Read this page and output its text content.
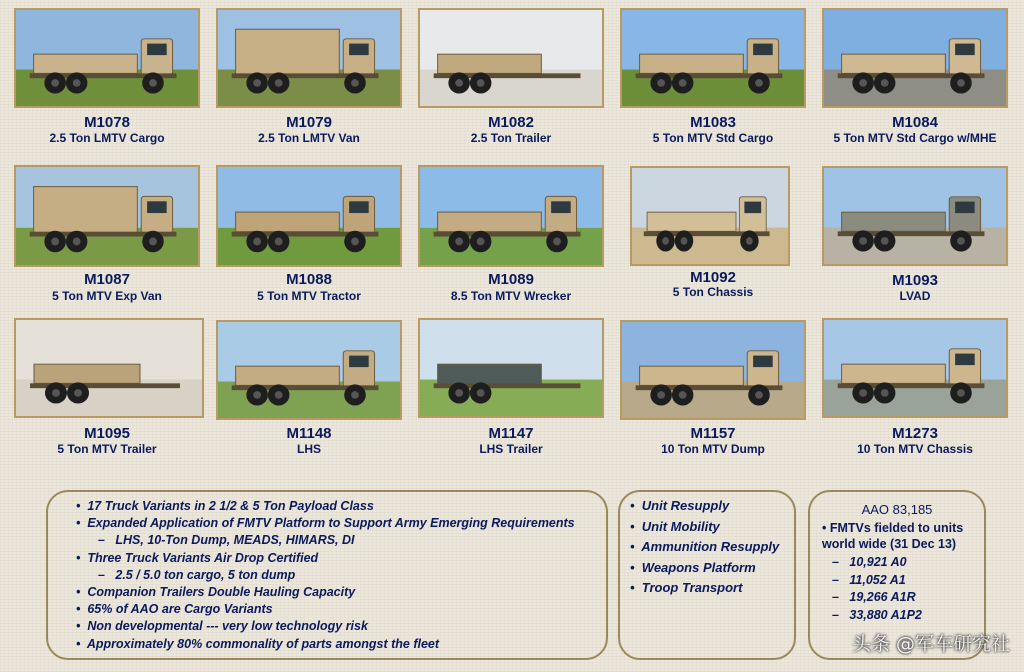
M1078
2.5 Ton LMTV Cargo
M1079
2.5 Ton LMTV Van
M1082
2.5 Ton Trailer
M1083
5 Ton MTV Std Cargo
M1084
5 Ton MTV Std Cargo w/MHE
M1087
5 Ton MTV Exp Van
M1088
5 Ton MTV Tractor
M1089
8.5 Ton MTV Wrecker
M1092
5 Ton Chassis
M1093
LVAD
M1095
5 Ton MTV Trailer
M1148
LHS
M1147
LHS Trailer
M1157
10 Ton MTV Dump
M1273
10 Ton MTV Chassis
•  17 Truck Variants in 2 1/2 & 5 Ton Payload Class
•  Expanded Application of FMTV Platform to Support Army Emerging Requirements
–   LHS, 10-Ton Dump, MEADS, HIMARS, DI
•  Three Truck Variants Air Drop Certified
–   2.5 / 5.0 ton cargo, 5 ton dump
•  Companion Trailers Double Hauling Capacity
•  65% of AAO are Cargo Variants
•  Non developmental --- very low technology risk
•  Approximately 80% commonality of parts amongst the fleet
•  Unit Resupply
•  Unit Mobility
•  Ammunition Resupply
•  Weapons Platform
•  Troop Transport
AAO 83,185
• FMTVs fielded to units world wide (31 Dec 13)
–   10,921 A0
–   11,052 A1
–   19,266 A1R
–   33,880 A1P2
头条 @军车研究社
